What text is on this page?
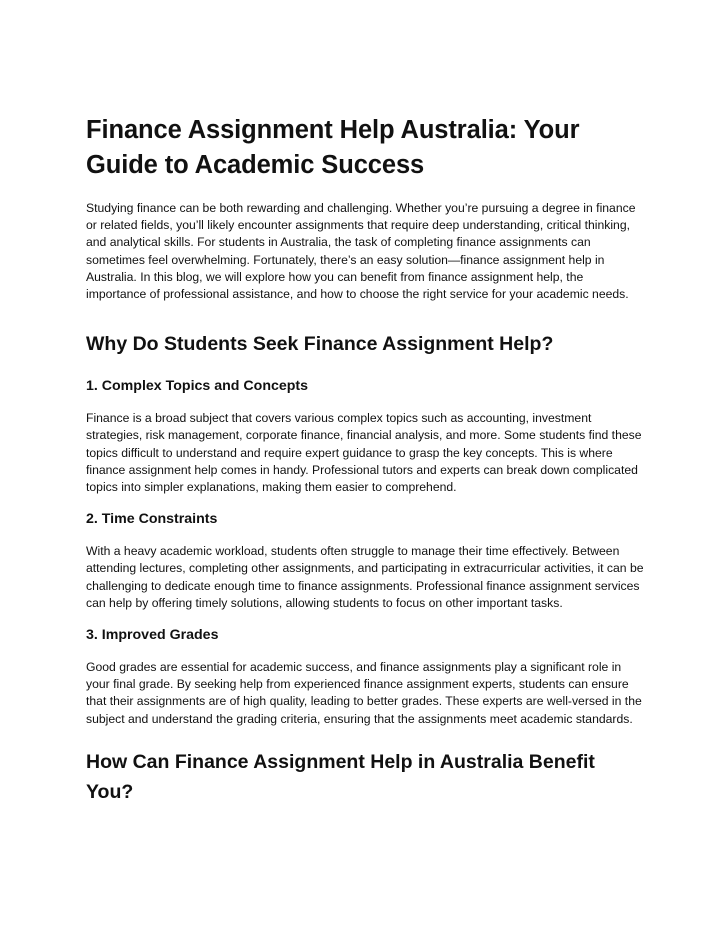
Finance Assignment Help Australia: Your Guide to Academic Success

Studying finance can be both rewarding and challenging. Whether you’re pursuing a degree in finance or related fields, you’ll likely encounter assignments that require deep understanding, critical thinking, and analytical skills. For students in Australia, the task of completing finance assignments can sometimes feel overwhelming. Fortunately, there’s an easy solution—finance assignment help in Australia. In this blog, we will explore how you can benefit from finance assignment help, the importance of professional assistance, and how to choose the right service for your academic needs.

Why Do Students Seek Finance Assignment Help?
1. Complex Topics and Concepts

Finance is a broad subject that covers various complex topics such as accounting, investment strategies, risk management, corporate finance, financial analysis, and more. Some students find these topics difficult to understand and require expert guidance to grasp the key concepts. This is where finance assignment help comes in handy. Professional tutors and experts can break down complicated topics into simpler explanations, making them easier to comprehend.

2. Time Constraints

With a heavy academic workload, students often struggle to manage their time effectively. Between attending lectures, completing other assignments, and participating in extracurricular activities, it can be challenging to dedicate enough time to finance assignments. Professional finance assignment services can help by offering timely solutions, allowing students to focus on other important tasks.

3. Improved Grades

Good grades are essential for academic success, and finance assignments play a significant role in your final grade. By seeking help from experienced finance assignment experts, students can ensure that their assignments are of high quality, leading to better grades. These experts are well-versed in the subject and understand the grading criteria, ensuring that the assignments meet academic standards.

How Can Finance Assignment Help in Australia Benefit You?
